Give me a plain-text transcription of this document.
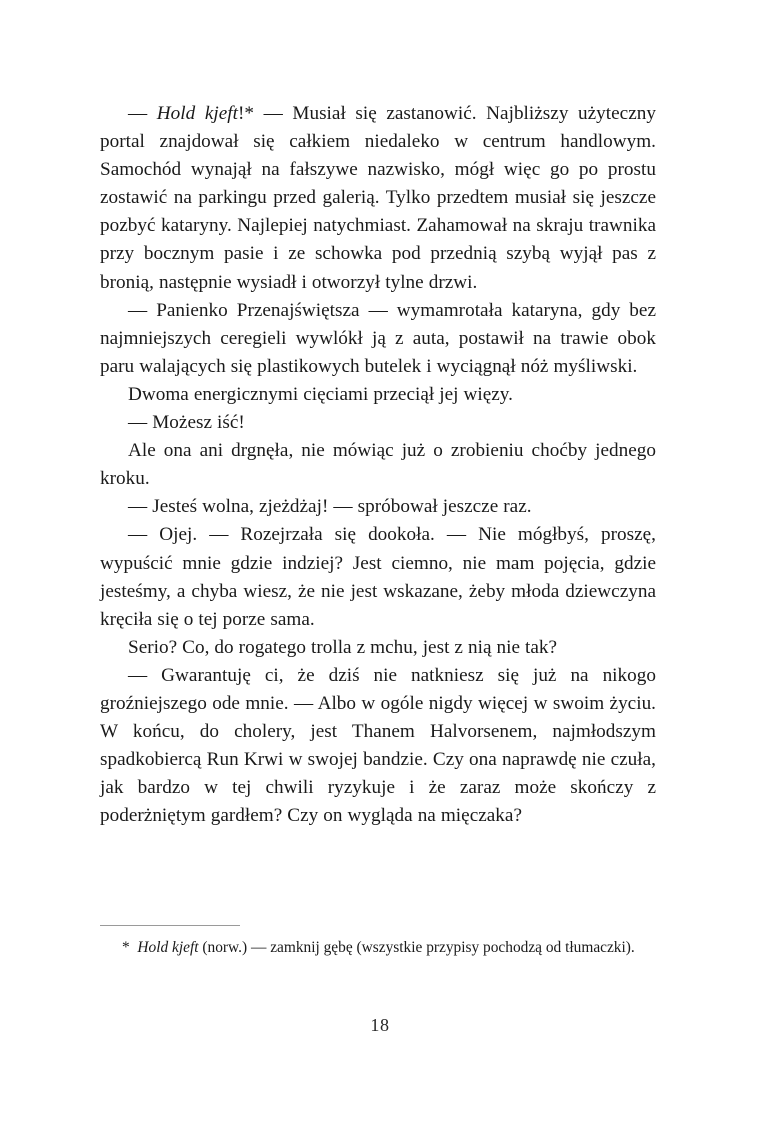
— Hold kjeft!* — Musiał się zastanowić. Najbliższy użyteczny portal znajdował się całkiem niedaleko w centrum handlowym. Samochód wynajął na fałszywe nazwisko, mógł więc go po prostu zostawić na parkingu przed galerią. Tylko przedtem musiał się jeszcze pozbyć kataryny. Najlepiej natychmiast. Zahamował na skraju trawnika przy bocznym pasie i ze schowka pod przednią szybą wyjął pas z bronią, następnie wysiadł i otworzył tylne drzwi.

— Panienko Przenajświętsza — wymamrotała kataryna, gdy bez najmniejszych ceregieli wywlókł ją z auta, postawił na trawie obok paru walających się plastikowych butelek i wyciągnął nóż myśliwski.

Dwoma energicznymi cięciami przeciął jej więzy.

— Możesz iść!

Ale ona ani drgnęła, nie mówiąc już o zrobieniu choćby jednego kroku.

— Jesteś wolna, zjeżdżaj! — spróbował jeszcze raz.

— Ojej. — Rozejrzała się dookoła. — Nie mógłbyś, proszę, wypuścić mnie gdzie indziej? Jest ciemno, nie mam pojęcia, gdzie jesteśmy, a chyba wiesz, że nie jest wskazane, żeby młoda dziewczyna kręciła się o tej porze sama.

Serio? Co, do rogatego trolla z mchu, jest z nią nie tak?

— Gwarantuję ci, że dziś nie natkniesz się już na nikogo groźniejszego ode mnie. — Albo w ogóle nigdy więcej w swoim życiu. W końcu, do cholery, jest Thanem Halvorsenem, najmłodszym spadkobiercą Run Krwi w swojej bandzie. Czy ona naprawdę nie czuła, jak bardzo w tej chwili ryzykuje i że zaraz może skończy z poderżniętym gardłem? Czy on wygląda na mięczaka?

* Hold kjeft (norw.) — zamknij gębę (wszystkie przypisy pochodzą od tłumaczki).

18
